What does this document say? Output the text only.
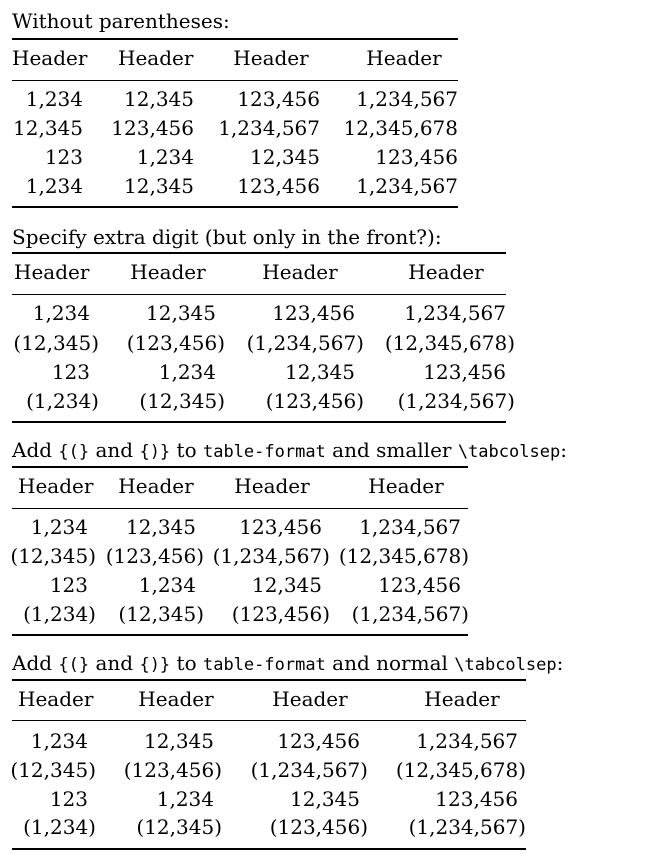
Without parentheses:
Header Header Header	Header
1,234	12,345	123,456	1,234,567
12,345	123,456	1,234,567	12,345,678
123	1,234	12,345	123,456
1,234	12,345	123,456	1,234,567
Specify extra digit (but only in the front?):
Header Header	Header	Header
1,234	12,345	123,456	1,234,567
(12,345)	(123,456)	(1,234,567)	(12,345,678)
123	1,234	12,345	123,456
(1,234)	(12,345)	(123,456)	(1,234,567)
Add {(} and {)} to table-format and smaller \tabcolsep:
Header Header Header	Header
1,234	12,345	123,456	1,234,567
(12,345) (123,456) (1,234,567) (12,345,678)
123	1,234	12,345	123,456
(1,234)	(12,345)	(123,456)	(1,234,567)
Add {(} and {)} to table-format and normal \tabcolsep:
Header Header	Header	Header
1,234	12,345	123,456	1,234,567
(12,345)	(123,456)	(1,234,567)	(12,345,678)
123	1,234	12,345	123,456
(1,234)	(12,345)	(123,456)	(1,234,567)
